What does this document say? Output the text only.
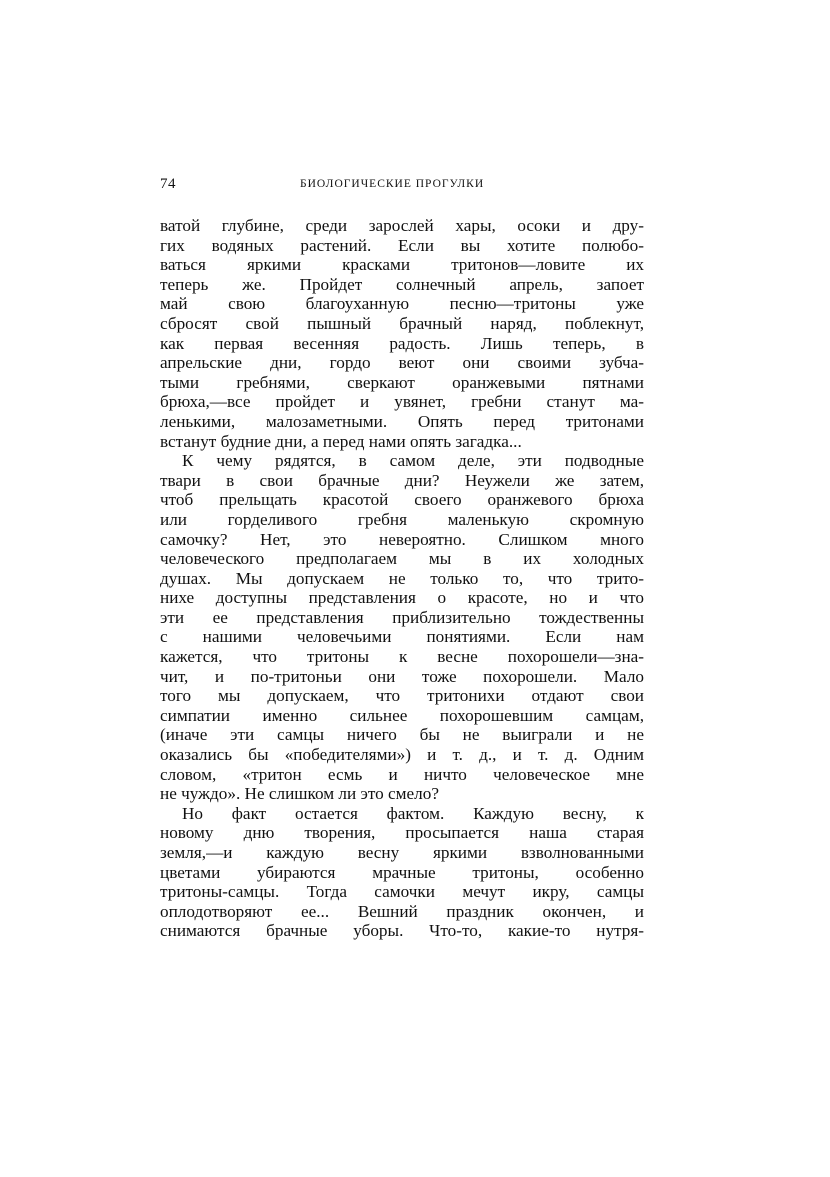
74	БИОЛОГИЧЕСКИЕ ПРОГУЛКИ
ватой глубине, среди зарослей хары, осоки и дру-
гих водяных растений. Если вы хотите полюбо-
ваться яркими красками тритонов—ловите их
теперь же. Пройдет солнечный апрель, запоет
май свою благоуханную песню—тритоны уже
сбросят свой пышный брачный наряд, поблекнут,
как первая весенняя радость. Лишь теперь, в
апрельские дни, гордо веют они своими зубча-
тыми гребнями, сверкают оранжевыми пятнами
брюха,—все пройдет и увянет, гребни станут ма-
ленькими, малозаметными. Опять перед тритонами
встанут будние дни, а перед нами опять загадка...
К чему рядятся, в самом деле, эти подводные
твари в свои брачные дни? Неужели же затем,
чтоб прельщать красотой своего оранжевого брюха
или горделивого гребня маленькую скромную
самочку? Нет, это невероятно. Слишком много
человеческого предполагаем мы в их холодных
душах. Мы допускаем не только то, что трито-
нихе доступны представления о красоте, но и что
эти ее представления приблизительно тождественны
с нашими человечьими понятиями. Если нам
кажется, что тритоны к весне похорошели—зна-
чит, и по-тритоньи они тоже похорошели. Мало
того мы допускаем, что тритонихи отдают свои
симпатии именно сильнее похорошевшим самцам,
(иначе эти самцы ничего бы не выиграли и не
оказались бы «победителями») и т. д., и т. д. Одним
словом, «тритон есмь и ничто человеческое мне
не чуждо». Не слишком ли это смело?
Но факт остается фактом. Каждую весну, к
новому дню творения, просыпается наша старая
земля,—и каждую весну яркими взволнованными
цветами убираются мрачные тритоны, особенно
тритоны-самцы. Тогда самочки мечут икру, самцы
оплодотворяют ее... Вешний праздник окончен, и
снимаются брачные уборы. Что-то, какие-то нутря-
